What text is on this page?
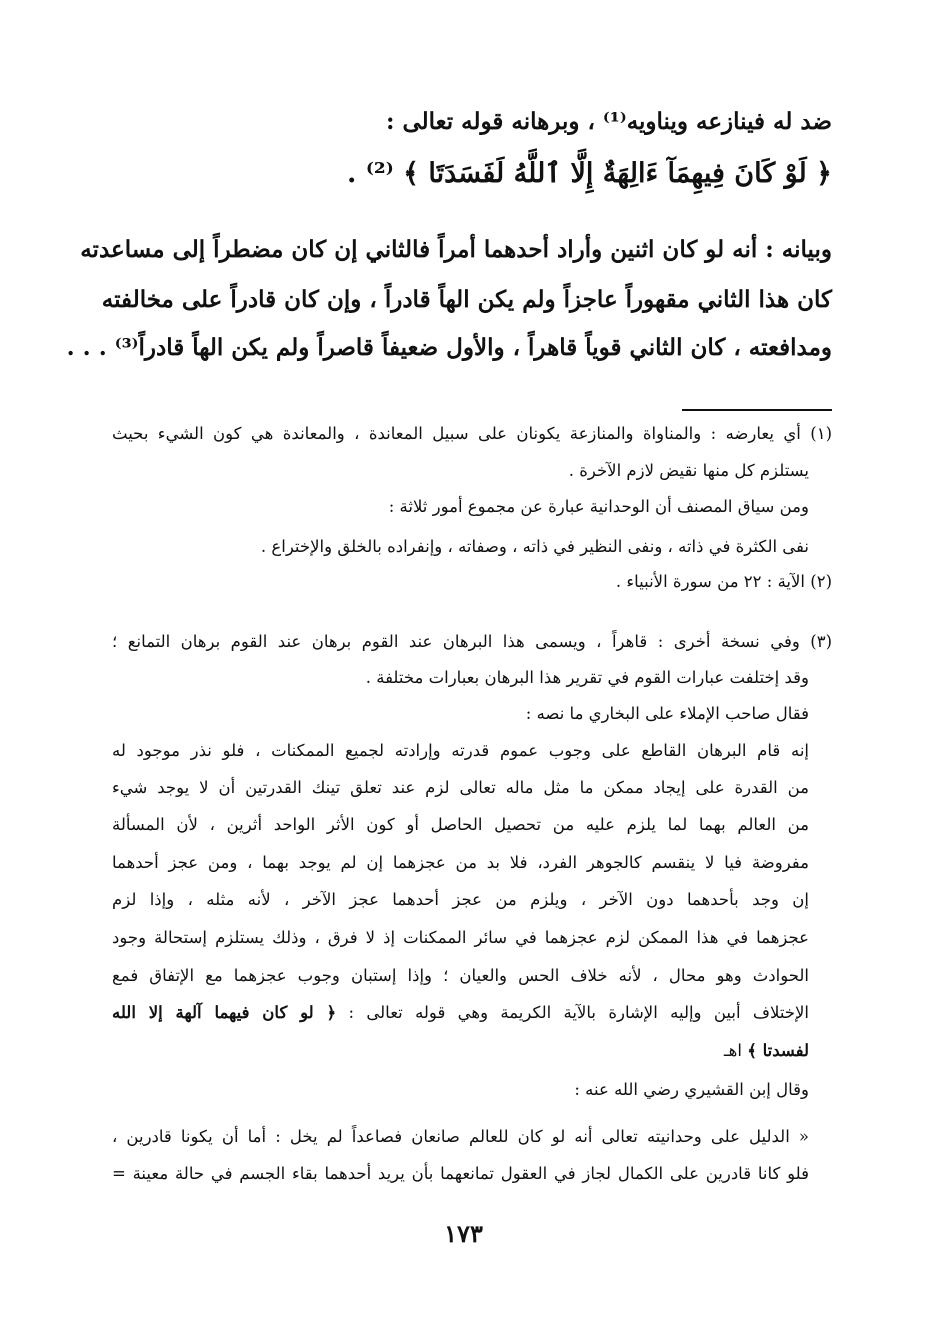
ضد له فينازعه ويناويه⁽¹⁾ ، وبرهانه قوله تعالى :
﴿ لَوْ كَانَ فِيهِمَآ ءَالِهَةٌ إِلَّا ٱللَّهُ لَفَسَدَتَا ﴾ ⁽²⁾ .
وبيانه : أنه لو كان اثنين وأراد أحدهما أمراً فالثاني إن كان مضطراً إلى مساعدته
كان هذا الثاني مقهوراً عاجزاً ولم يكن الهاً قادراً ، وإن كان قادراً على مخالفته
ومدافعته ، كان الثاني قوياً قاهراً ، والأول ضعيفاً قاصراً ولم يكن الهاً قادراً⁽³⁾ . . .
(١) أي يعارضه : والمناواة والمنازعة يكونان على سبيل المعاندة ، والمعاندة هي كون الشيء بحيث
يستلزم كل منها نقيض لازم الآخرة .
ومن سياق المصنف أن الوحدانية عبارة عن مجموع أمور ثلاثة :
نفى الكثرة في ذاته ، ونفى النظير في ذاته ، وصفاته ، وإنفراده بالخلق والإختراع .
(٢) الآية : ٢٢ من سورة الأنبياء .
(٣) وفي نسخة أخرى : قاهراً ، ويسمى هذا البرهان عند القوم برهان عند القوم برهان التمانع ؛
وقد إختلفت عبارات القوم في تقرير هذا البرهان بعبارات مختلفة .
فقال صاحب الإملاء على البخاري ما نصه :
إنه قام البرهان القاطع على وجوب عموم قدرته وإرادته لجميع الممكنات ، فلو نذر موجود له
من القدرة على إيجاد ممكن ما مثل ماله تعالى لزم عند تعلق تينك القدرتين أن لا يوجد شيء
من العالم بهما لما يلزم عليه من تحصيل الحاصل أو كون الأثر الواحد أثرين ، لأن المسألة
مفروضة فيا لا ينقسم كالجوهر الفرد، فلا بد من عجزهما إن لم يوجد بهما ، ومن عجز أحدهما
إن وجد بأحدهما دون الآخر ، ويلزم من عجز أحدهما عجز الآخر ، لأنه مثله ، وإذا لزم
عجزهما في هذا الممكن لزم عجزهما في سائر الممكنات إذ لا فرق ، وذلك يستلزم إستحالة وجود
الحوادث وهو محال ، لأنه خلاف الحس والعيان ؛ وإذا إستبان وجوب عجزهما مع الإتفاق فمع
الإختلاف أبين وإليه الإشارة بالآية الكريمة وهي قوله تعالى : ﴿ لو كان فيهما آلهة إلا الله
لفسدتا ﴾ اهـ
وقال إبن القشيري رضي الله عنه :
« الدليل على وحدانيته تعالى أنه لو كان للعالم صانعان فصاعداً لم يخل : أما أن يكونا قادرين ،
فلو كانا قادرين على الكمال لجاز في العقول تمانعهما بأن يريد أحدهما بقاء الجسم في حالة معينة =
١٧٣
